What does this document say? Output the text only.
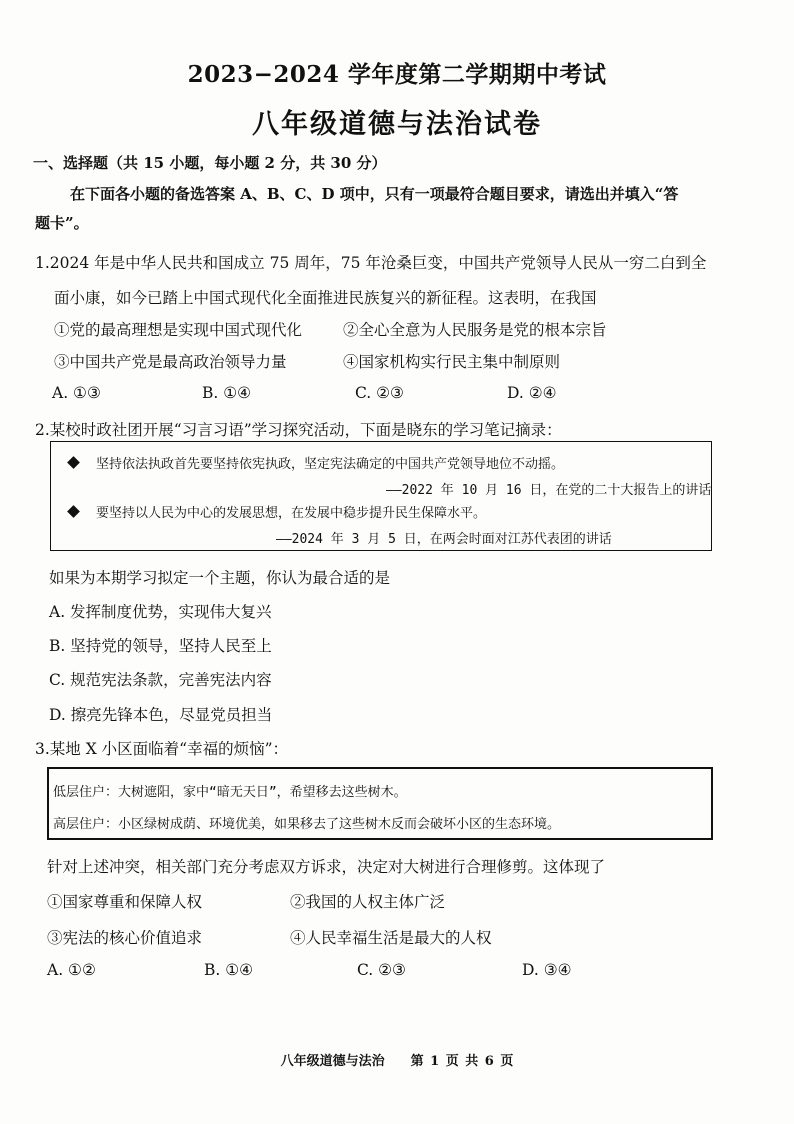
2023−2024 学年度第二学期期中考试
八年级道德与法治试卷
一、选择题（共 15 小题，每小题 2 分，共 30 分）
在下面各小题的备选答案 A、B、C、D 项中，只有一项最符合题目要求，请选出并填入“答
题卡”。
1.2024 年是中华人民共和国成立 75 周年，75 年沧桑巨变，中国共产党领导人民从一穷二白到全
面小康，如今已踏上中国式现代化全面推进民族复兴的新征程。这表明，在我国
①党的最高理想是实现中国式现代化	②全心全意为人民服务是党的根本宗旨
③中国共产党是最高政治领导力量	④国家机构实行民主集中制原则
A. ①③	B. ①④	C. ②③	D. ②④
2.某校时政社团开展“习言习语”学习探究活动，下面是晓东的学习笔记摘录：
坚持依法执政首先要坚持依宪执政，坚定宪法确定的中国共产党领导地位不动摇。
——2022 年 10 月 16 日，在党的二十大报告上的讲话
要坚持以人民为中心的发展思想，在发展中稳步提升民生保障水平。
——2024 年 3 月 5 日，在两会时面对江苏代表团的讲话
如果为本期学习拟定一个主题，你认为最合适的是
A. 发挥制度优势，实现伟大复兴
B. 坚持党的领导，坚持人民至上
C. 规范宪法条款，完善宪法内容
D. 擦亮先锋本色，尽显党员担当
3.某地 X 小区面临着“幸福的烦恼”：
低层住户：大树遮阳，家中“暗无天日”，希望移去这些树木。
高层住户：小区绿树成荫、环境优美，如果移去了这些树木反而会破坏小区的生态环境。
针对上述冲突，相关部门充分考虑双方诉求，决定对大树进行合理修剪。这体现了
①国家尊重和保障人权	②我国的人权主体广泛
③宪法的核心价值追求	④人民幸福生活是最大的人权
A. ①②	B. ①④	C. ②③	D. ③④
八年级道德与法治　　第 1 页 共 6 页
